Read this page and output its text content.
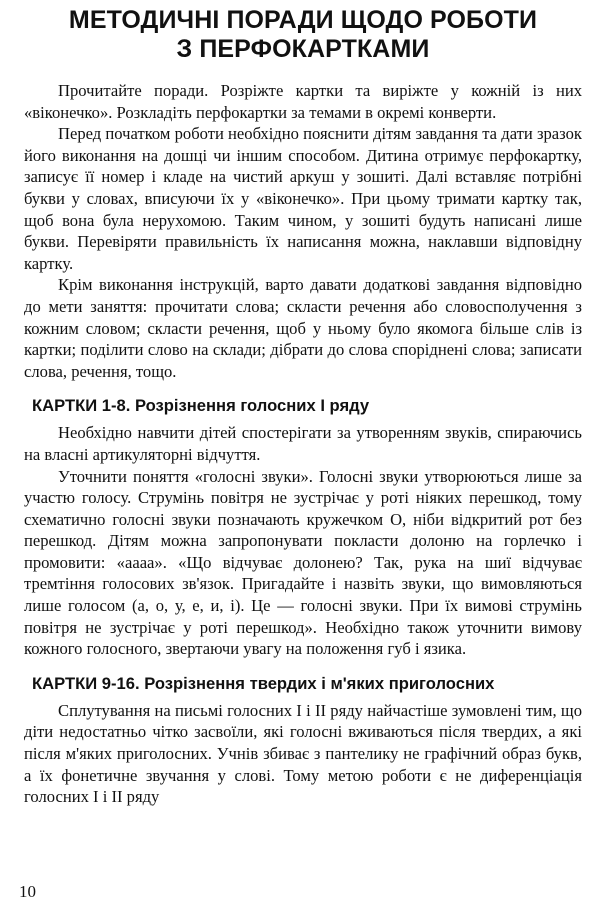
МЕТОДИЧНІ ПОРАДИ ЩОДО РОБОТИ
З ПЕРФОКАРТКАМИ

Прочитайте поради. Розріжте картки та виріжте у кожній із них «віконечко». Розкладіть перфокартки за темами в окремі конверти.

Перед початком роботи необхідно пояснити дітям завдання та дати зразок його виконання на дошці чи іншим способом. Дитина отримує перфокартку, записує її номер і кладе на чистий аркуш у зошиті. Далі вставляє потрібні букви у словах, вписуючи їх у «віконечко». При цьому тримати картку так, щоб вона була нерухомою. Таким чином, у зошиті будуть написані лише букви. Перевіряти правильність їх написання можна, наклавши відповідну картку.

Крім виконання інструкцій, варто давати додаткові завдання відповідно до мети заняття: прочитати слова; скласти речення або словосполучення з кожним словом; скласти речення, щоб у ньому було якомога більше слів із картки; поділити слово на склади; дібрати до слова споріднені слова; записати слова, речення, тощо.

КАРТКИ 1-8. Розрізнення голосних І ряду

Необхідно навчити дітей спостерігати за утворенням звуків, спираючись на власні артикуляторні відчуття.

Уточнити поняття «голосні звуки». Голосні звуки утворюються лише за участю голосу. Струмінь повітря не зустрічає у роті ніяких перешкод, тому схематично голосні звуки позначають кружечком О, ніби відкритий рот без перешкод. Дітям можна запропонувати покласти долоню на горлечко і промовити: «аааа». «Що відчуває долонею? Так, рука на шиї відчуває тремтіння голосових зв'язок. Пригадайте і назвіть звуки, що вимовляються лише голосом (а, о, у, е, и, і). Це — голосні звуки. При їх вимові струмінь повітря не зустрічає у роті перешкод». Необхідно також уточнити вимову кожного голосного, звертаючи увагу на положення губ і язика.

КАРТКИ 9-16. Розрізнення твердих і м'яких приголосних

Сплутування на письмі голосних І і ІІ ряду найчастіше зумовлені тим, що діти недостатньо чітко засвоїли, які голосні вживаються після твердих, а які після м'яких приголосних. Учнів збиває з пантелику не графічний образ букв, а їх фонетичне звучання у слові. Тому метою роботи є не диференціація голосних І і ІІ ряду

10
